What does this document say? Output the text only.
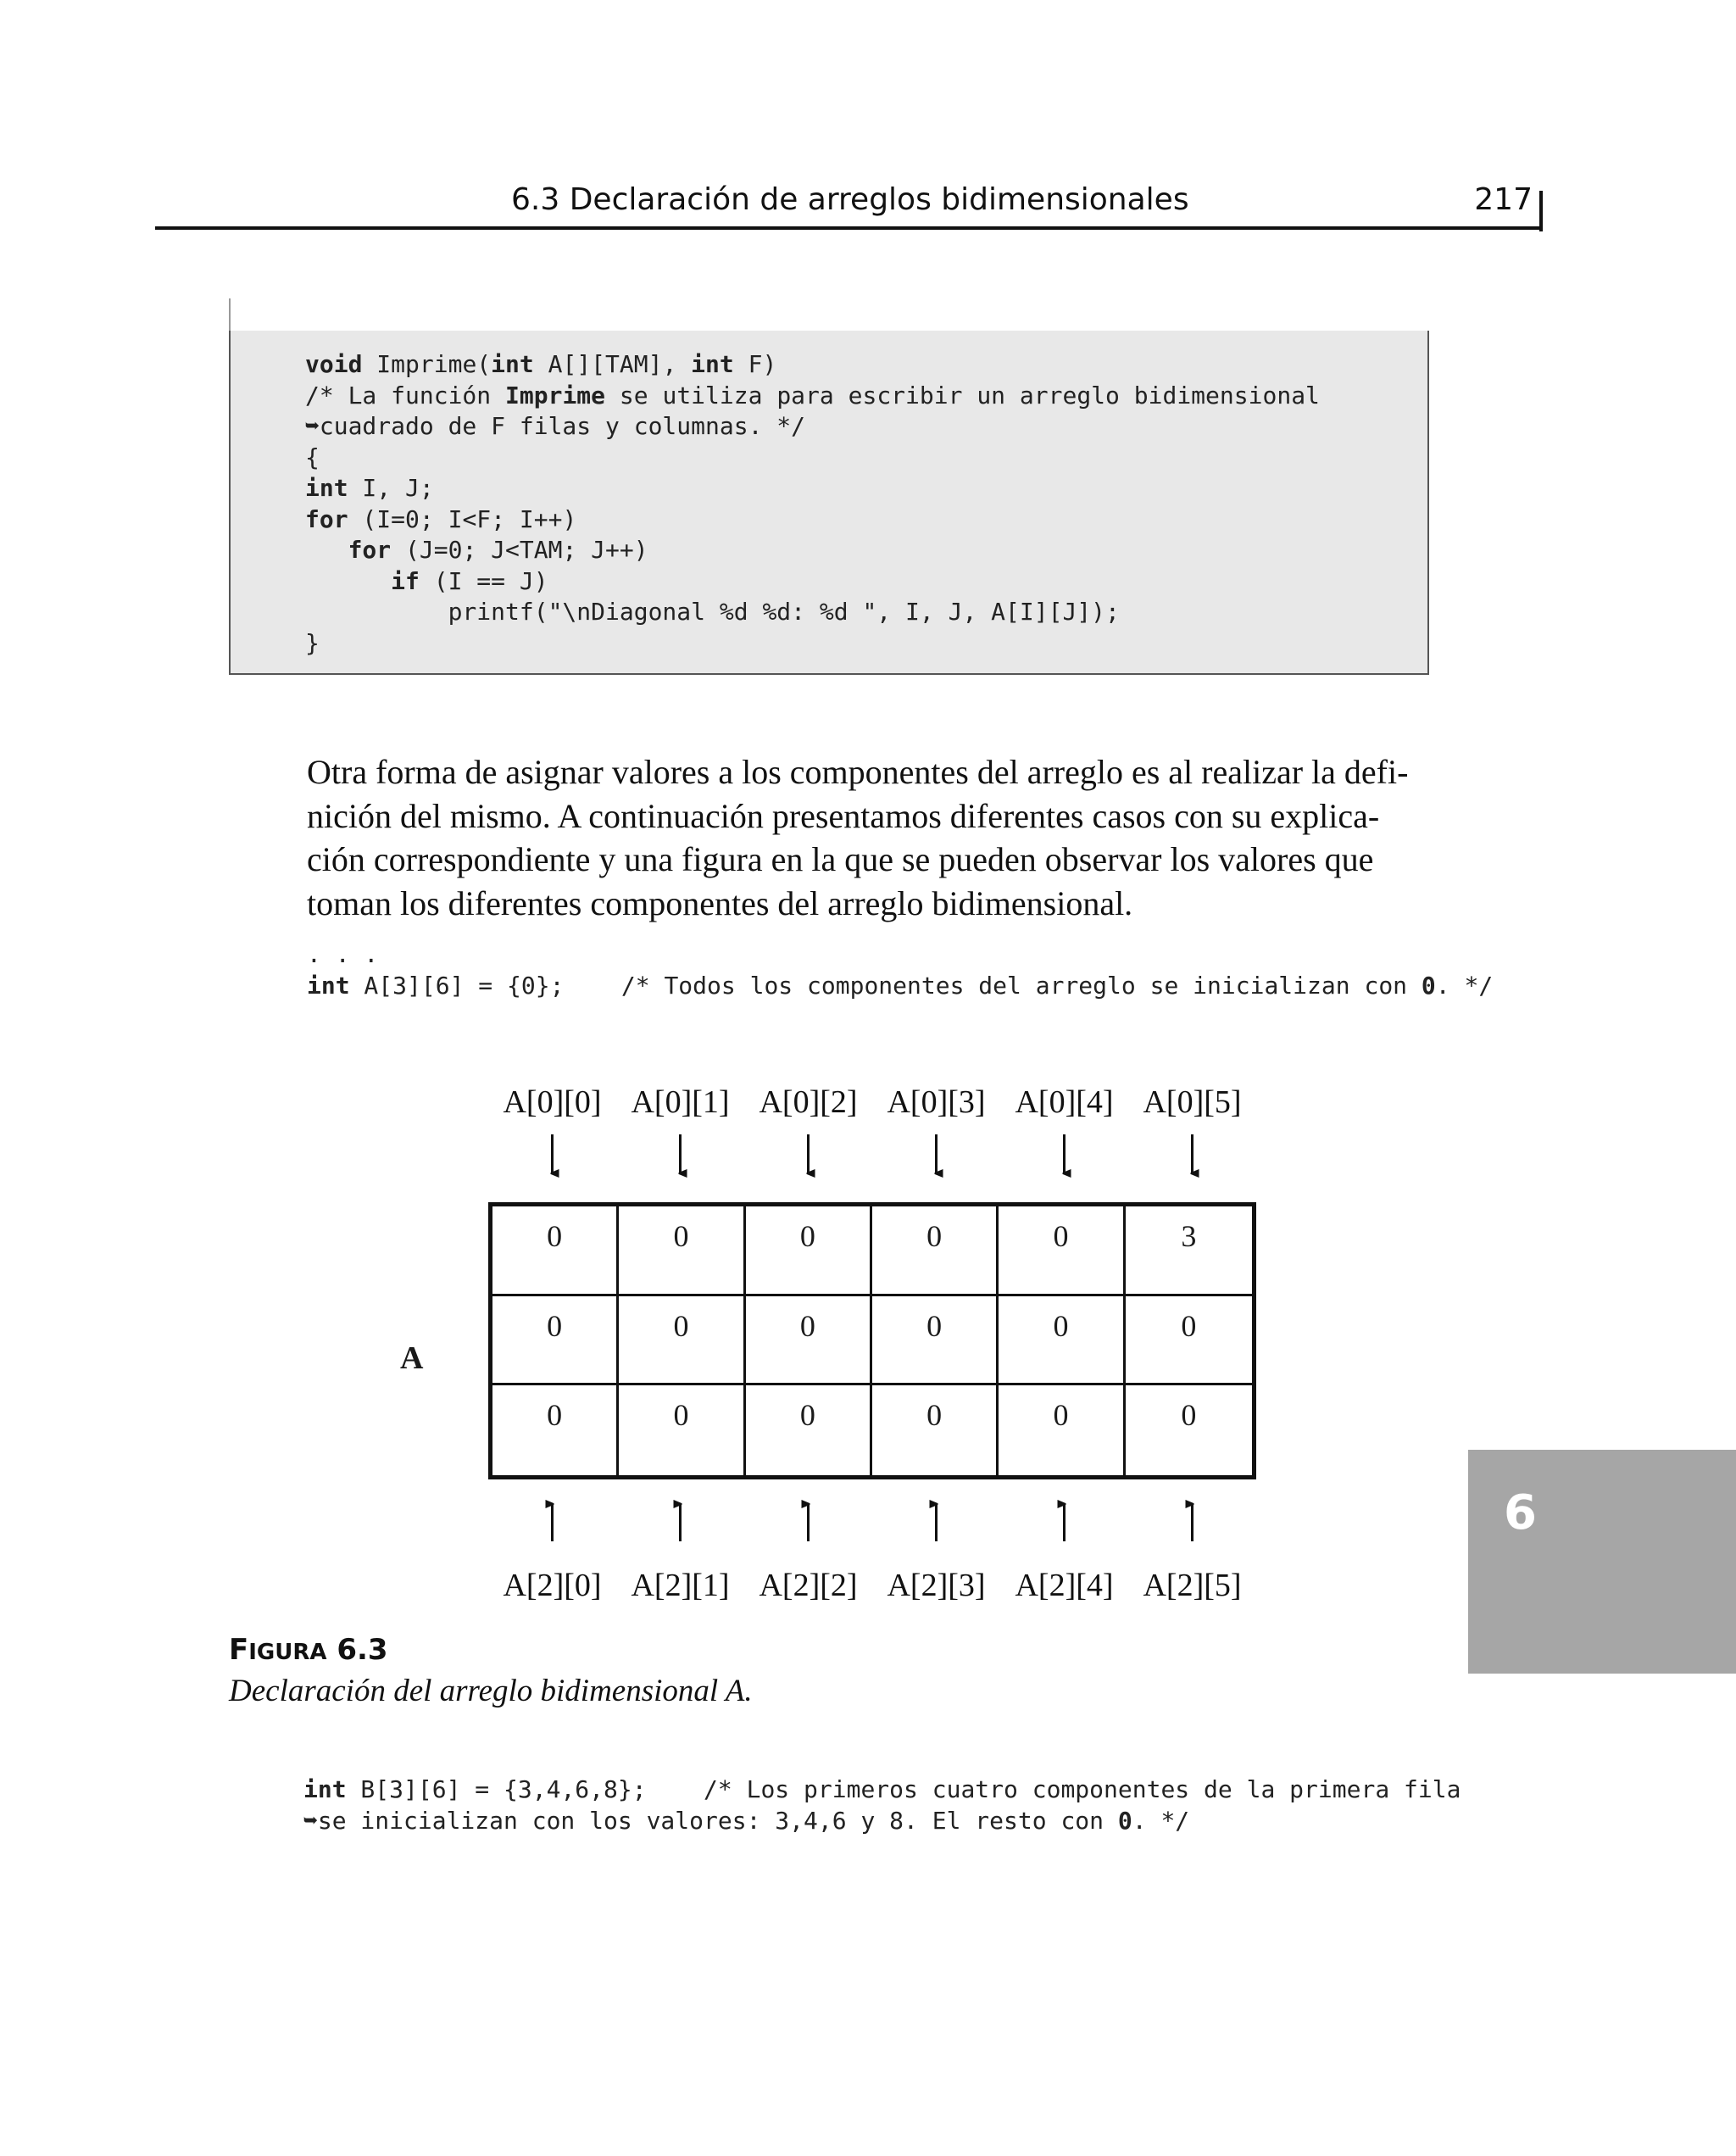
6.3 Declaración de arreglos bidimensionales	217
void Imprime(int A[][TAM], int F)
/* La función Imprime se utiliza para escribir un arreglo bidimensional
➥cuadrado de F filas y columnas. */
{
int I, J;
for (I=0; I<F; I++)
for (J=0; J<TAM; J++)
if (I == J)
printf("\nDiagonal %d %d: %d ", I, J, A[I][J]);
}

Otra forma de asignar valores a los componentes del arreglo es al realizar la defi-

nición del mismo. A continuación presentamos diferentes casos con su explica-

ción correspondiente y una figura en la que se pueden observar los valores que

toman los diferentes componentes del arreglo bidimensional.

. . .
int A[3][6] = {0};    /* Todos los componentes del arreglo se inicializan con 0. */
A[0][0] A[0][1] A[0][2] A[0][3] A[0][4] A[0][5]
A
0	0	0	0	0	3
0	0	0	0	0	0
0	0	0	0	0	0
A[2][0] A[2][1] A[2][2] A[2][3] A[2][4] A[2][5]
FIGURA 6.3
Declaración del arreglo bidimensional A.
int B[3][6] = {3,4,6,8};    /* Los primeros cuatro componentes de la primera fila
➥se inicializan con los valores: 3,4,6 y 8. El resto con 0. */
6
